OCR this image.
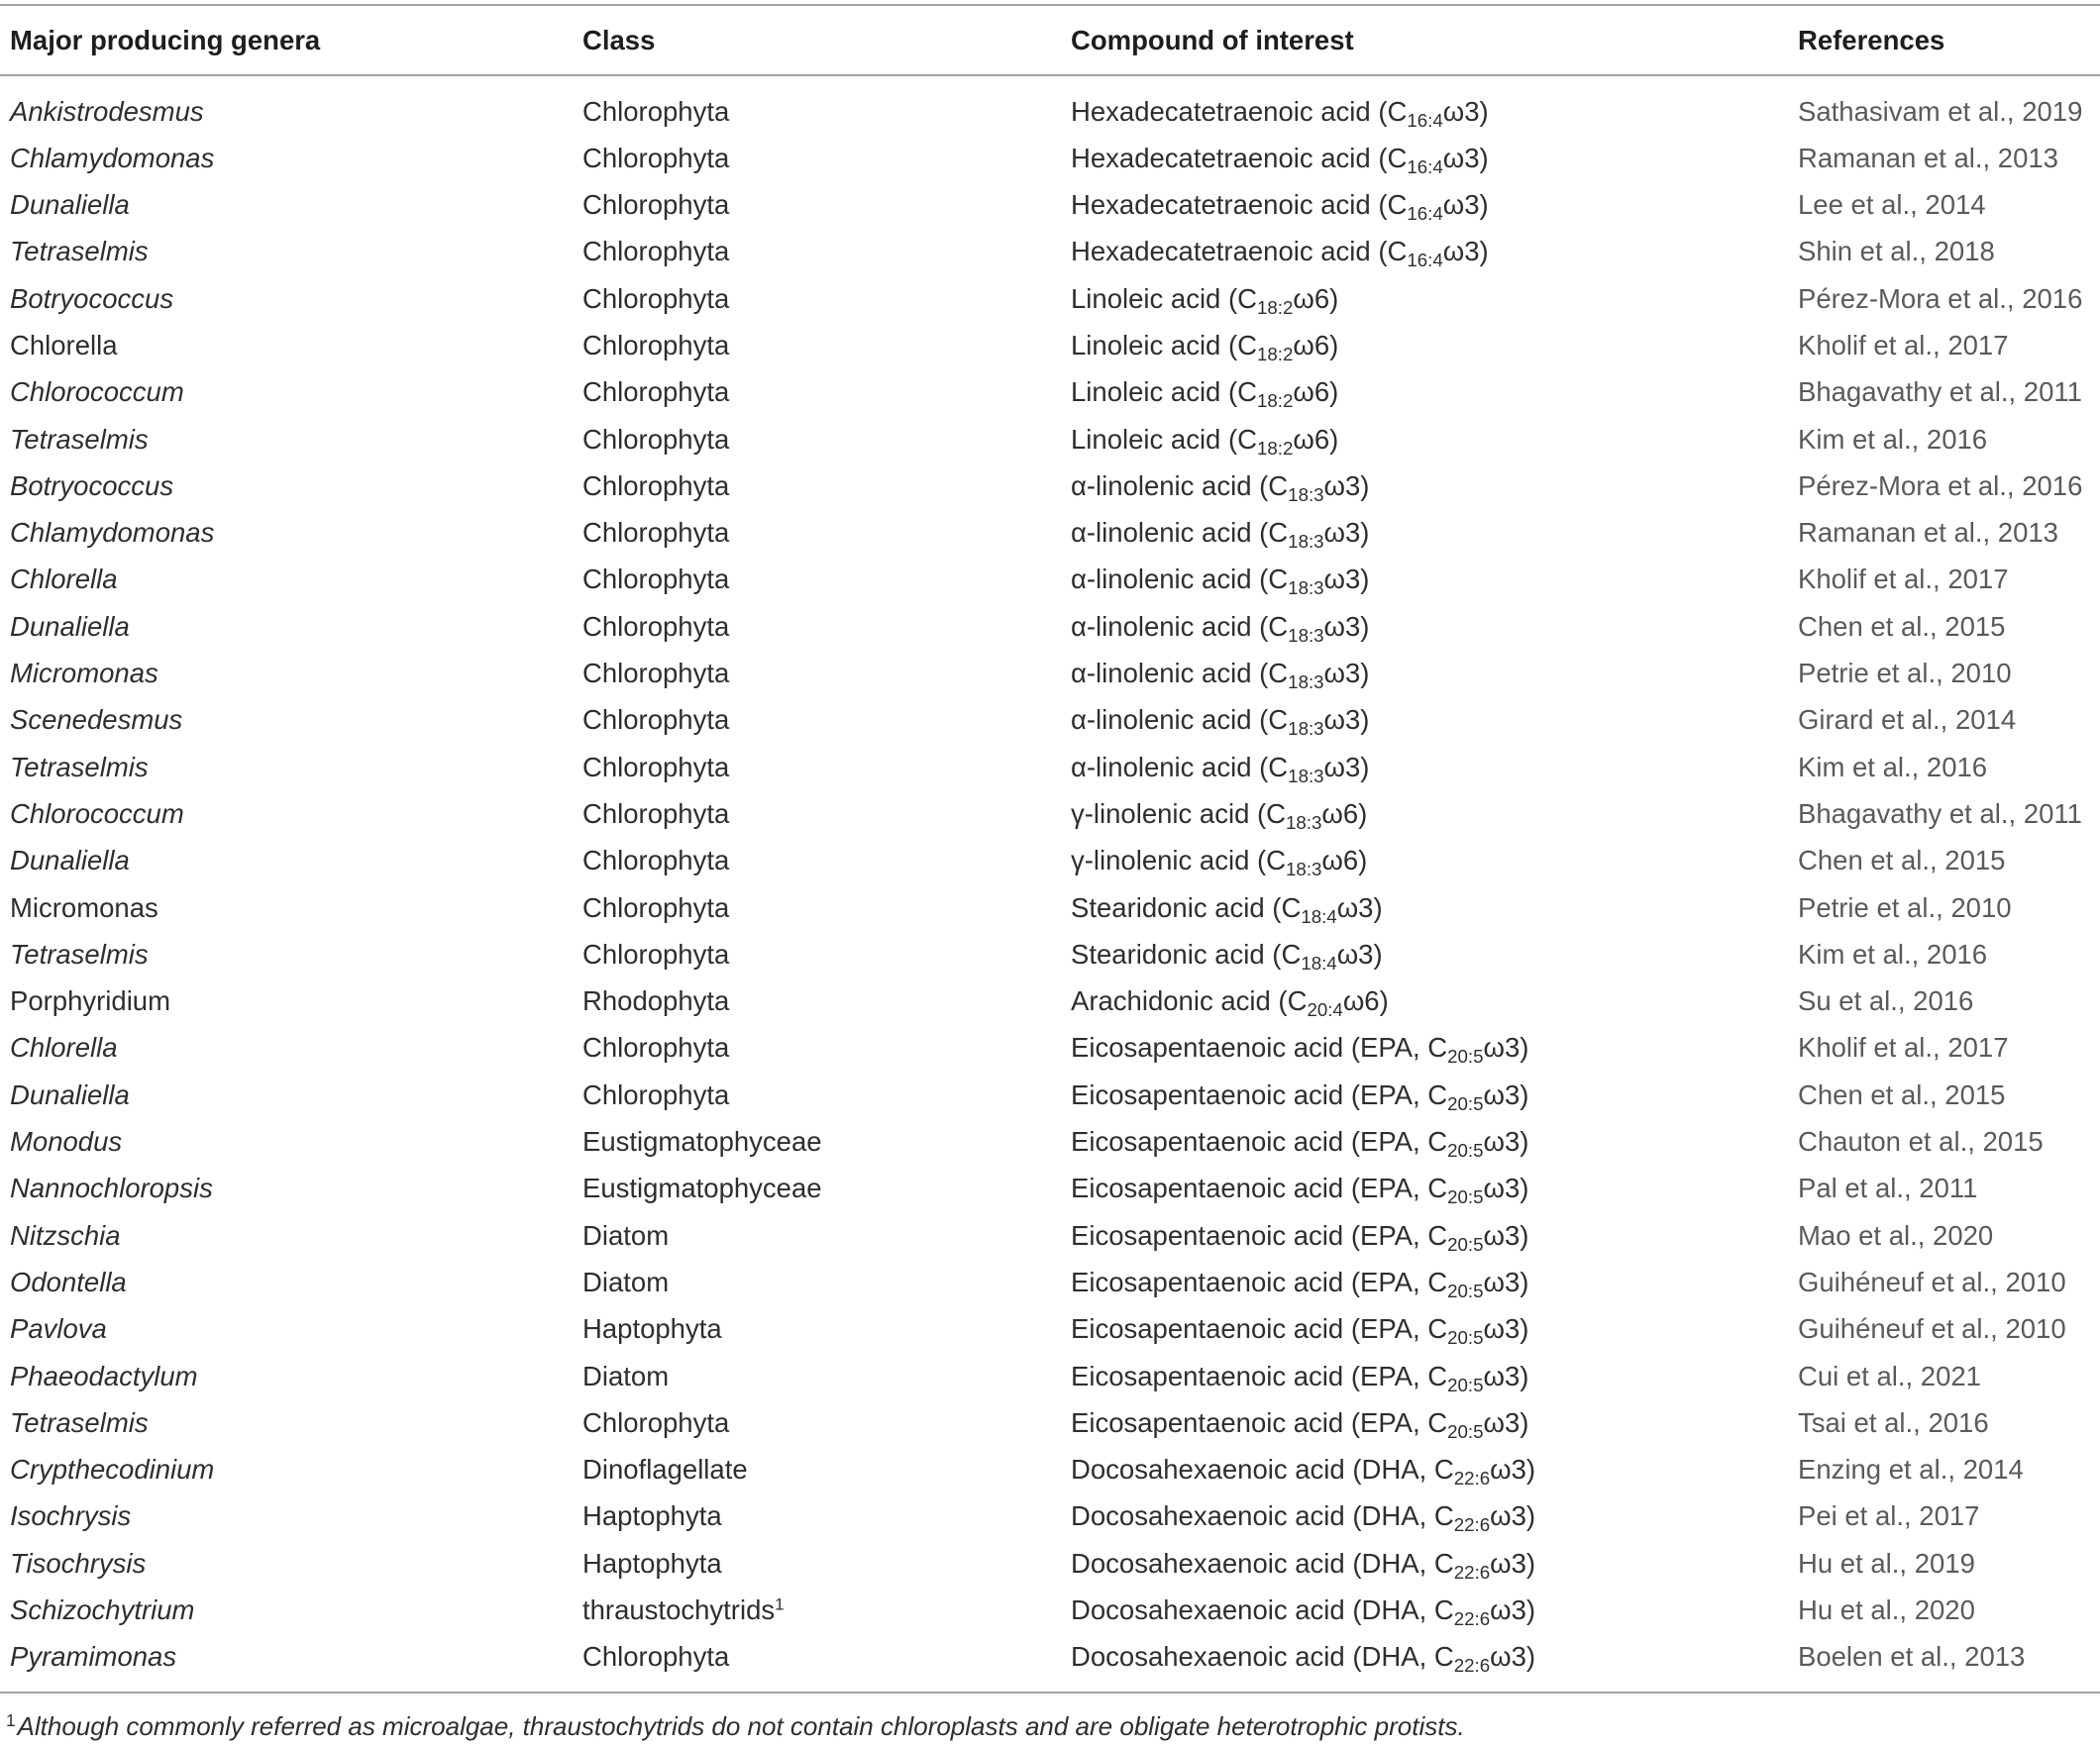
Major producing genera	Class	Compound of interest	References
Ankistrodesmus	Chlorophyta	Hexadecatetraenoic acid $(C_{16:4}\omega 3)$	Sathasivam et al., 2019
Chlamydomonas	Chlorophyta	Hexadecatetraenoic acid $(C_{16:4}\omega 3)$	Ramanan et al., 2013
Dunaliella	Chlorophyta	Hexadecatetraenoic acid $(C_{16:4}\omega 3)$	Lee et al., 2014
Tetraselmis	Chlorophyta	Hexadecatetraenoic acid $(C_{16:4}\omega 3)$	Shin et al., 2018
Botryococcus	Chlorophyta	Linoleic acid $(C_{18:2}\omega 6)$	Pérez-Mora et al., 2016
Chlorella	Chlorophyta	Linoleic acid $(C_{18:2}\omega 6)$	Kholif et al., 2017
Chlorococcum	Chlorophyta	Linoleic acid $(C_{18:2}\omega 6)$	Bhagavathy et al., 2011
Tetraselmis	Chlorophyta	Linoleic acid $(C_{18:2}\omega 6)$	Kim et al., 2016
Botryococcus	Chlorophyta	α-linolenic acid $(C_{18:3}\omega 3)$	Pérez-Mora et al., 2016
Chlamydomonas	Chlorophyta	α-linolenic acid $(C_{18:3}\omega 3)$	Ramanan et al., 2013
Chlorella	Chlorophyta	α-linolenic acid $(C_{18:3}\omega 3)$	Kholif et al., 2017
Dunaliella	Chlorophyta	α-linolenic acid $(C_{18:3}\omega 3)$	Chen et al., 2015
Micromonas	Chlorophyta	α-linolenic acid $(C_{18:3}\omega 3)$	Petrie et al., 2010
Scenedesmus	Chlorophyta	α-linolenic acid $(C_{18:3}\omega 3)$	Girard et al., 2014
Tetraselmis	Chlorophyta	α-linolenic acid $(C_{18:3}\omega 3)$	Kim et al., 2016
Chlorococcum	Chlorophyta	γ-linolenic acid $(C_{18:3}\omega 6)$	Bhagavathy et al., 2011
Dunaliella	Chlorophyta	γ-linolenic acid $(C_{18:3}\omega 6)$	Chen et al., 2015
Micromonas	Chlorophyta	Stearidonic acid $(C_{18:4}\omega 3)$	Petrie et al., 2010
Tetraselmis	Chlorophyta	Stearidonic acid $(C_{18:4}\omega 3)$	Kim et al., 2016
Porphyridium	Rhodophyta	Arachidonic acid $(C_{20:4}\omega 6)$	Su et al., 2016
Chlorella	Chlorophyta	Eicosapentaenoic acid (EPA, $C_{20:5}\omega 3$)	Kholif et al., 2017
Dunaliella	Chlorophyta	Eicosapentaenoic acid (EPA, $C_{20:5}\omega 3$)	Chen et al., 2015
Monodus	Eustigmatophyceae	Eicosapentaenoic acid (EPA, $C_{20:5}\omega 3$)	Chauton et al., 2015
Nannochloropsis	Eustigmatophyceae	Eicosapentaenoic acid (EPA, $C_{20:5}\omega 3$)	Pal et al., 2011
Nitzschia	Diatom	Eicosapentaenoic acid (EPA, $C_{20:5}\omega 3$)	Mao et al., 2020
Odontella	Diatom	Eicosapentaenoic acid (EPA, $C_{20:5}\omega 3$)	Guihéneuf et al., 2010
Pavlova	Haptophyta	Eicosapentaenoic acid (EPA, $C_{20:5}\omega 3$)	Guihéneuf et al., 2010
Phaeodactylum	Diatom	Eicosapentaenoic acid (EPA, $C_{20:5}\omega 3$)	Cui et al., 2021
Tetraselmis	Chlorophyta	Eicosapentaenoic acid (EPA, $C_{20:5}\omega 3$)	Tsai et al., 2016
Crypthecodinium	Dinoflagellate	Docosahexaenoic acid (DHA, $C_{22:6}\omega 3$)	Enzing et al., 2014
Isochrysis	Haptophyta	Docosahexaenoic acid (DHA, $C_{22:6}\omega 3$)	Pei et al., 2017
Tisochrysis	Haptophyta	Docosahexaenoic acid (DHA, $C_{22:6}\omega 3$)	Hu et al., 2019
Schizochytrium	thraustochytrids$^1$	Docosahexaenoic acid (DHA, $C_{22:6}\omega 3$)	Hu et al., 2020
Pyramimonas	Chlorophyta	Docosahexaenoic acid (DHA, $C_{22:6}\omega 3$)	Boelen et al., 2013
$^1$Although commonly referred as microalgae, thraustochytrids do not contain chloroplasts and are obligate heterotrophic protists.
